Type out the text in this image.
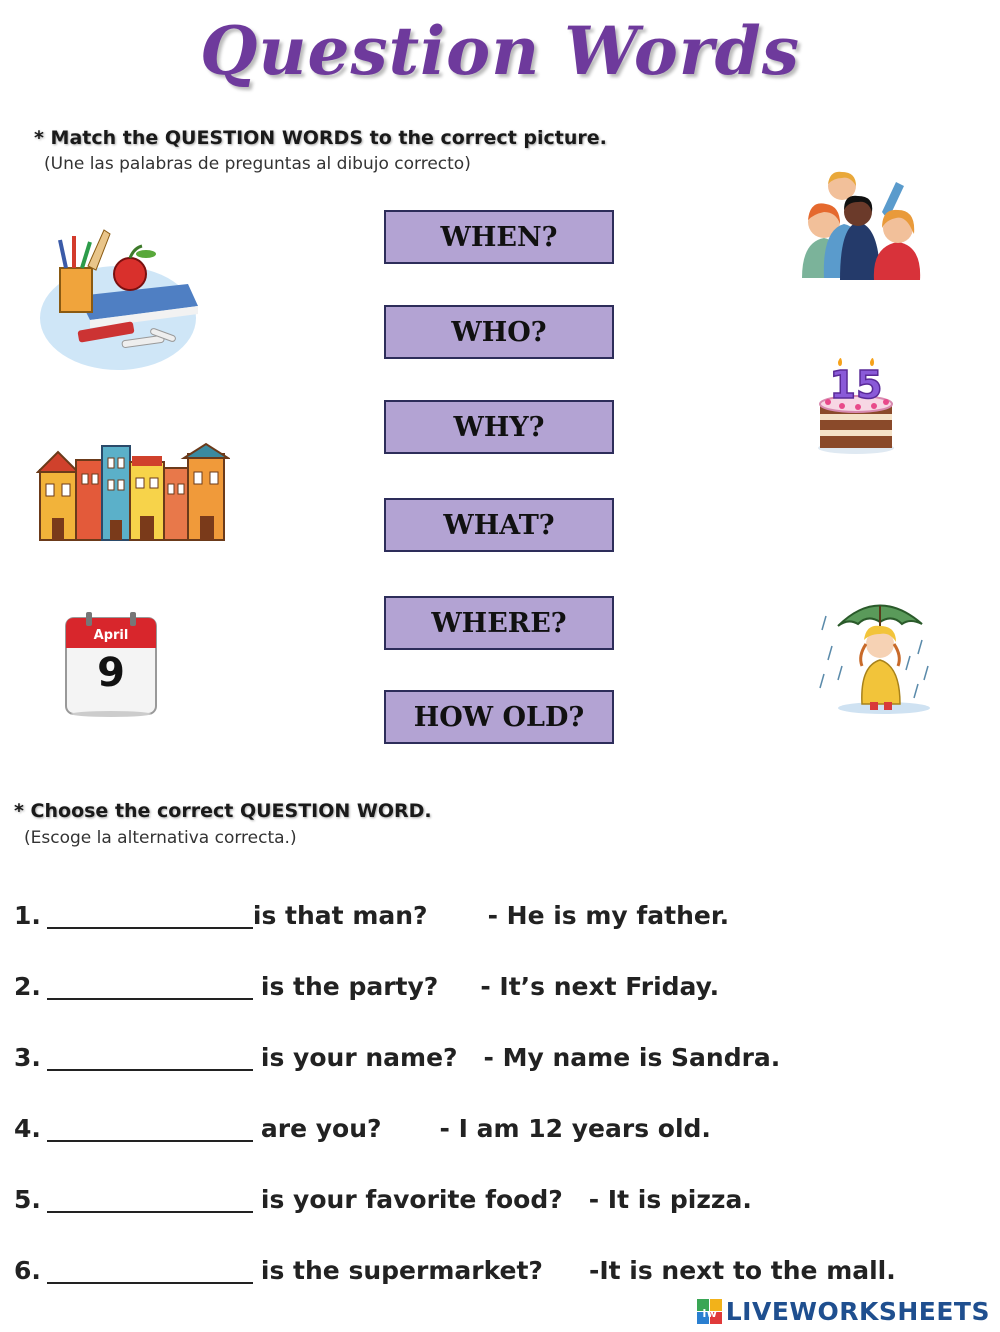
Question Words
* Match the QUESTION WORDS to the correct picture.
(Une las palabras de preguntas al dibujo correcto)
WHEN?
WHO?
WHY?
WHAT?
WHERE?
HOW OLD?
April
9
15
* Choose the correct QUESTION WORD.
(Escoge la alternativa correcta.)
1.	is that man? - He is my father.
2.	is the party? - It’s next Friday.
3.	is your name? - My name is Sandra.
4.	are you? - I am 12 years old.
5.	is your favorite food? - It is pizza.
6.	is the supermarket? -It is next to the mall.
lw LIVEWORKSHEETS
